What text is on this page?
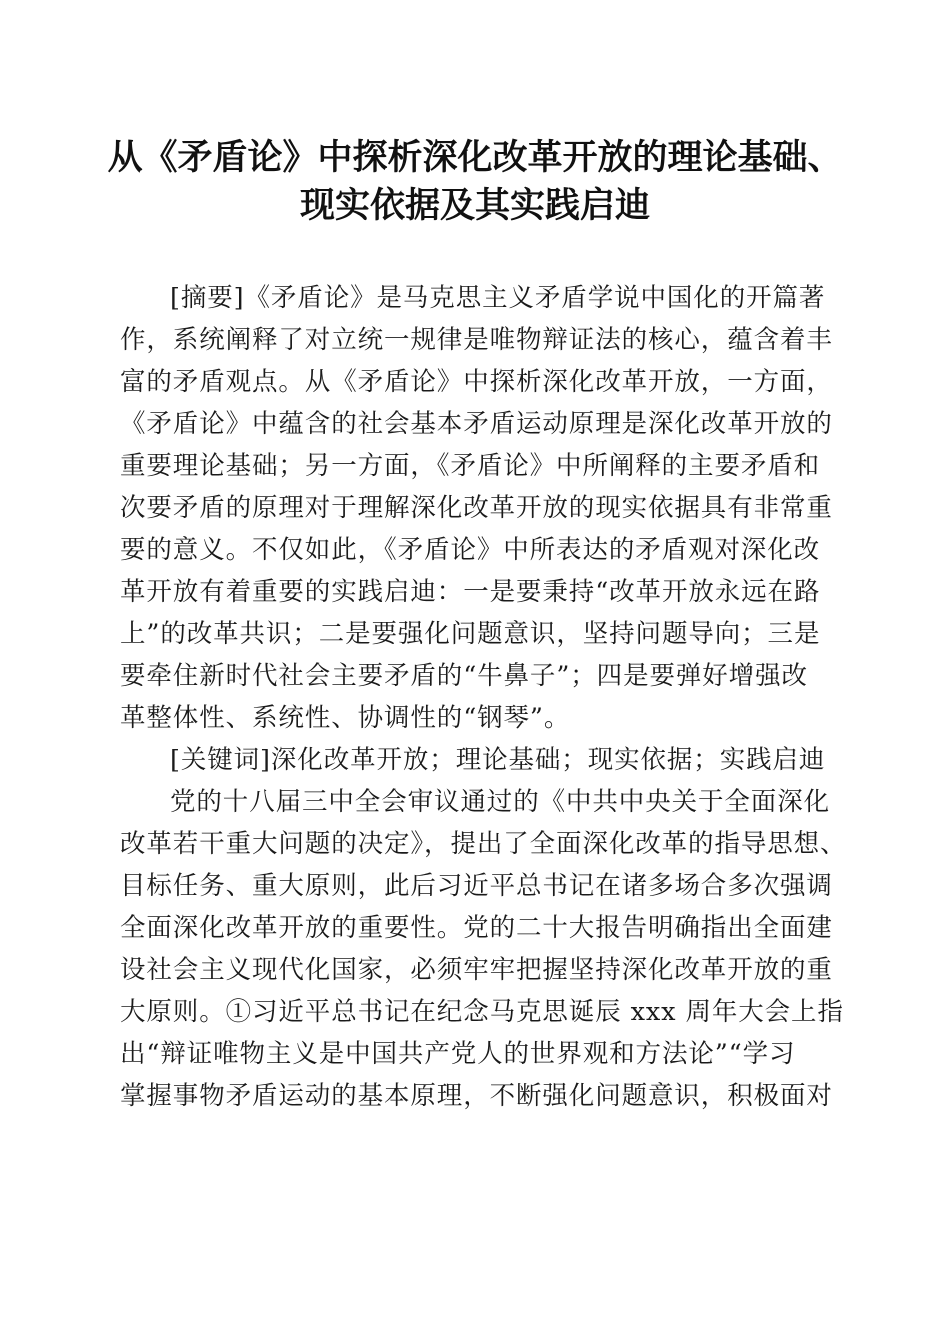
从《矛盾论》中探析深化改革开放的理论基础、
现实依据及其实践启迪
[摘要]《矛盾论》是马克思主义矛盾学说中国化的开篇著
作，系统阐释了对立统一规律是唯物辩证法的核心，蕴含着丰
富的矛盾观点。从《矛盾论》中探析深化改革开放，一方面，
《矛盾论》中蕴含的社会基本矛盾运动原理是深化改革开放的
重要理论基础；另一方面，《矛盾论》中所阐释的主要矛盾和
次要矛盾的原理对于理解深化改革开放的现实依据具有非常重
要的意义。不仅如此，《矛盾论》中所表达的矛盾观对深化改
革开放有着重要的实践启迪：一是要秉持“改革开放永远在路
上”的改革共识；二是要强化问题意识，坚持问题导向；三是
要牵住新时代社会主要矛盾的“牛鼻子”；四是要弹好增强改
革整体性、系统性、协调性的“钢琴”。
[关键词]深化改革开放；理论基础；现实依据；实践启迪
党的十八届三中全会审议通过的《中共中央关于全面深化
改革若干重大问题的决定》，提出了全面深化改革的指导思想、
目标任务、重大原则，此后习近平总书记在诸多场合多次强调
全面深化改革开放的重要性。党的二十大报告明确指出全面建
设社会主义现代化国家，必须牢牢把握坚持深化改革开放的重
大原则。①习近平总书记在纪念马克思诞辰 xxx 周年大会上指
出“辩证唯物主义是中国共产党人的世界观和方法论”“学习
掌握事物矛盾运动的基本原理，不断强化问题意识，积极面对
